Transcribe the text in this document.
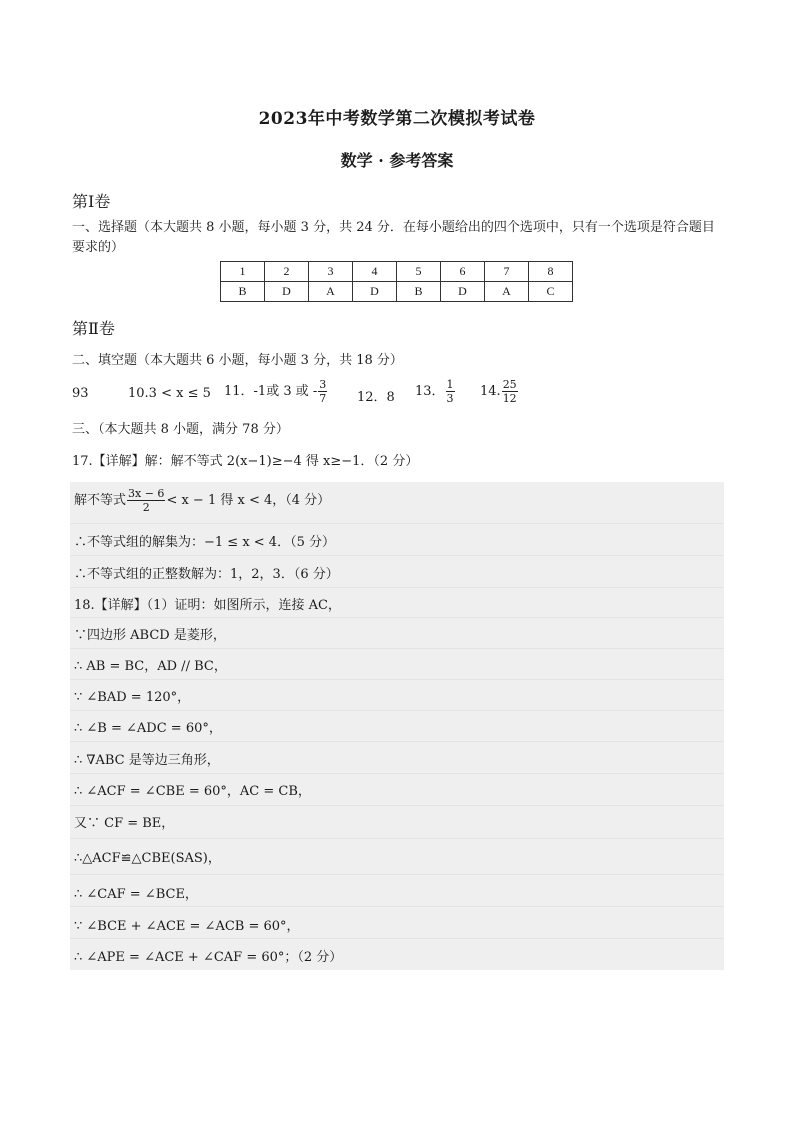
2023年中考数学第二次模拟考试卷
数学 · 参考答案
第Ⅰ卷
一、选择题（本大题共 8 小题，每小题 3 分，共 24 分．在每小题给出的四个选项中，只有一个选项是符合题目要求的）
1	2	3	4	5	6	7	8
B	D	A	D	B	D	A	C
第Ⅱ卷
二、填空题（本大题共 6 小题，每小题 3 分，共 18 分）
93	10.3 < x ≤ 5 11．-1或 3 或 - $\frac{3}{7} 12$．8 13． $\frac{1}{3} 14$. $\frac{25}{12}$
三、（本大题共 8 小题，满分 78 分）
17.【详解】解：解不等式 2(x−1)≥−4 得 x≥−1．（2 分）
解不等式 $\frac{3x - 6}{2} < x - 1$ 得 x < 4，（4 分）
∴不等式组的解集为：−1 ≤ x < 4．（5 分）
∴不等式组的正整数解为：1，2，3．（6 分）
18.【详解】（1）证明：如图所示，连接 AC，
∵四边形 ABCD 是菱形，
∴ AB = BC，AD // BC，
∵ ∠BAD = 120°，
∴ ∠B = ∠ADC = 60°，
∴ ∇ABC 是等边三角形，
∴ ∠ACF = ∠CBE = 60°，AC = CB，
又∵ CF = BE，
∴△ACF≌△CBE(SAS)，
∴ ∠CAF = ∠BCE，
∵ ∠BCE + ∠ACE = ∠ACB = 60°，
∴ ∠APE = ∠ACE + ∠CAF = 60°；（2 分）
